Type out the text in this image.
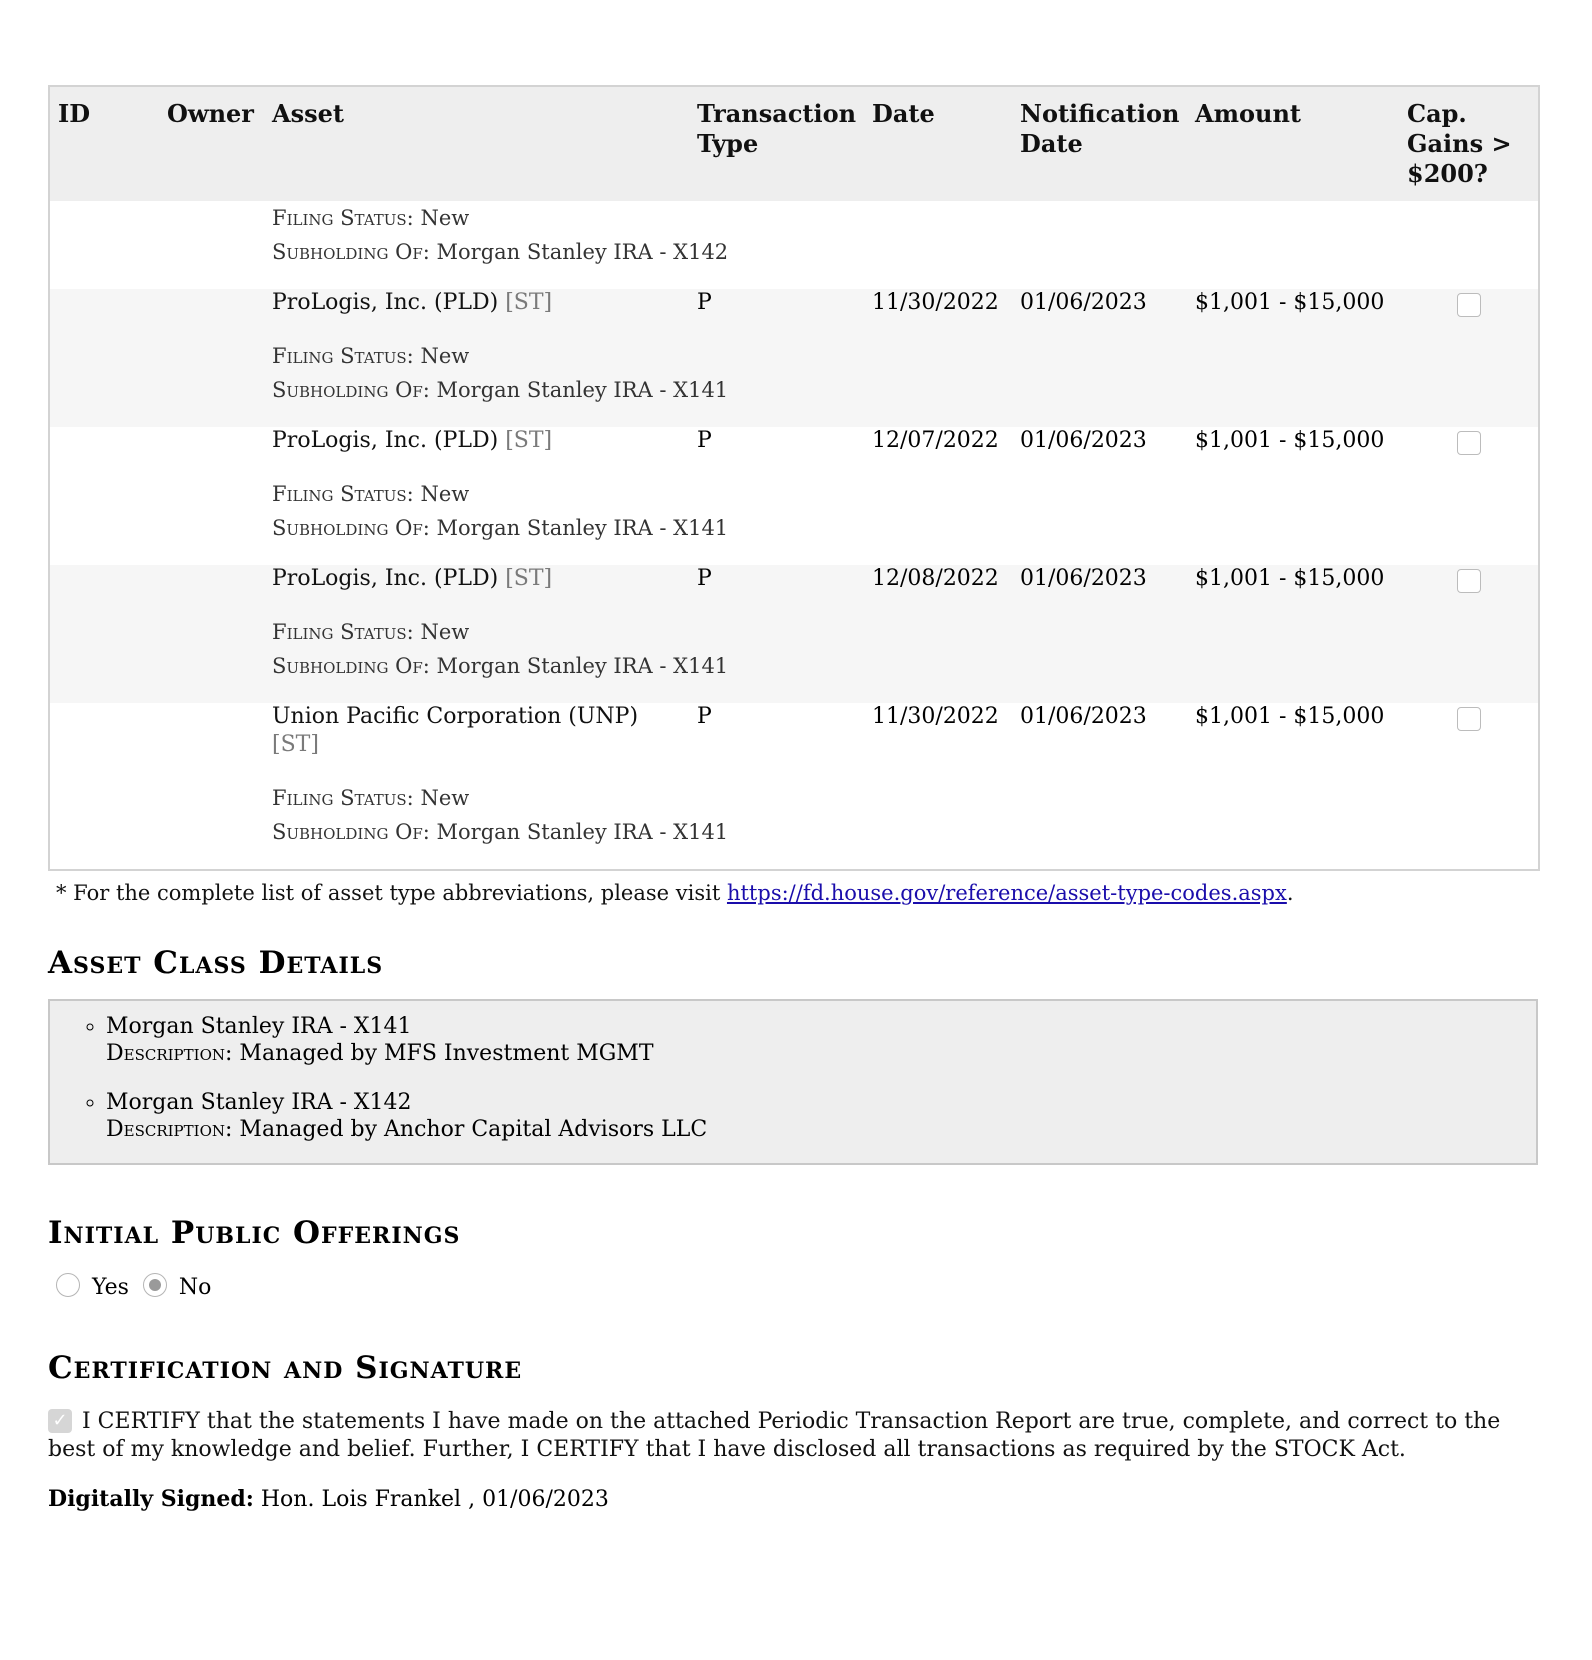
ID	Owner	Asset	Transaction Type	Date	Notification Date	Amount	Cap. Gains > $200?

		Filing Status: New
Subholding Of: Morgan Stanley IRA - X142					

		ProLogis, Inc. (PLD) [ST]
Filing Status: New
Subholding Of: Morgan Stanley IRA - X141	P	11/30/2022	01/06/2023	$1,001 - $15,000	

		ProLogis, Inc. (PLD) [ST]
Filing Status: New
Subholding Of: Morgan Stanley IRA - X141	P	12/07/2022	01/06/2023	$1,001 - $15,000	

		ProLogis, Inc. (PLD) [ST]
Filing Status: New
Subholding Of: Morgan Stanley IRA - X141	P	12/08/2022	01/06/2023	$1,001 - $15,000	

		Union Pacific Corporation (UNP) [ST]
Filing Status: New
Subholding Of: Morgan Stanley IRA - X141	P	11/30/2022	01/06/2023	$1,001 - $15,000	
* For the complete list of asset type abbreviations, please visit https://fd.house.gov/reference/asset-type-codes.aspx.
Asset Class Details
◦ Morgan Stanley IRA - X141
Description: Managed by MFS Investment MGMT
◦ Morgan Stanley IRA - X142
Description: Managed by Anchor Capital Advisors LLC
Initial Public Offerings
Yes No
Certification and Signature
✓ I CERTIFY that the statements I have made on the attached Periodic Transaction Report are true, complete, and correct to the best of my knowledge and belief. Further, I CERTIFY that I have disclosed all transactions as required by the STOCK Act.
Digitally Signed: Hon. Lois Frankel , 01/06/2023
